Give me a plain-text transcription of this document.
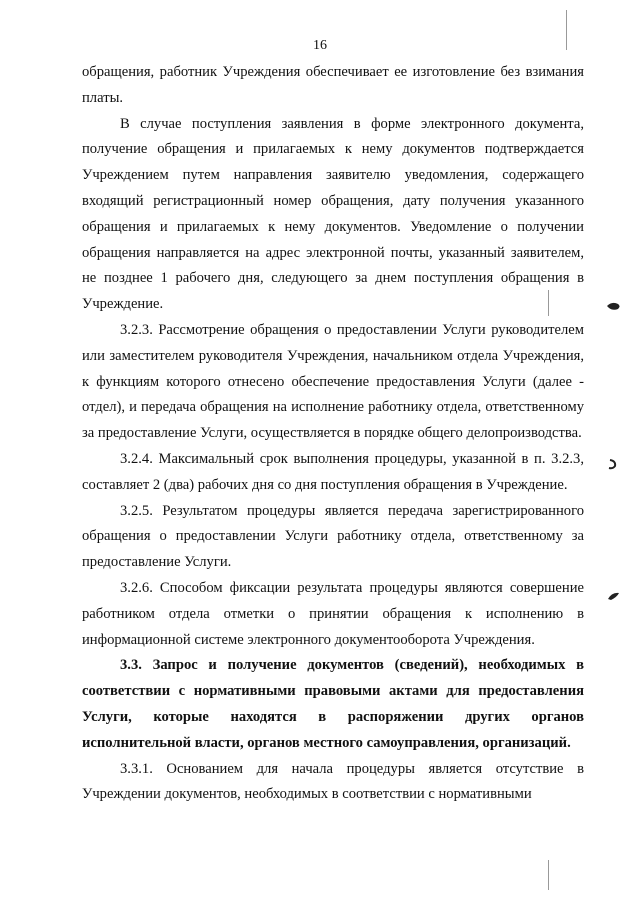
16

обращения, работник Учреждения обеспечивает ее изготовление без взимания платы.

В случае поступления заявления в форме электронного документа, получение обращения и прилагаемых к нему документов подтверждается Учреждением путем направления заявителю уведомления, содержащего входящий регистрационный номер обращения, дату получения указанного обращения и прилагаемых к нему документов. Уведомление о получении обращения направляется на адрес электронной почты, указанный заявителем, не позднее 1 рабочего дня, следующего за днем поступления обращения в Учреждение.

3.2.3. Рассмотрение обращения о предоставлении Услуги руководителем или заместителем руководителя Учреждения, начальником отдела Учреждения, к функциям которого отнесено обеспечение предоставления Услуги (далее - отдел), и передача обращения на исполнение работнику отдела, ответственному за предоставление Услуги, осуществляется в порядке общего делопроизводства.

3.2.4. Максимальный срок выполнения процедуры, указанной в п. 3.2.3, составляет 2 (два) рабочих дня со дня поступления обращения в Учреждение.

3.2.5. Результатом процедуры является передача зарегистрированного обращения о предоставлении Услуги работнику отдела, ответственному за предоставление Услуги.

3.2.6. Способом фиксации результата процедуры являются совершение работником отдела отметки о принятии обращения к исполнению в информационной системе электронного документооборота Учреждения.

3.3. Запрос и получение документов (сведений), необходимых в соответствии с нормативными правовыми актами для предоставления Услуги, которые находятся в распоряжении других органов исполнительной власти, органов местного самоуправления, организаций.

3.3.1. Основанием для начала процедуры является отсутствие в Учреждении документов, необходимых в соответствии с нормативными
